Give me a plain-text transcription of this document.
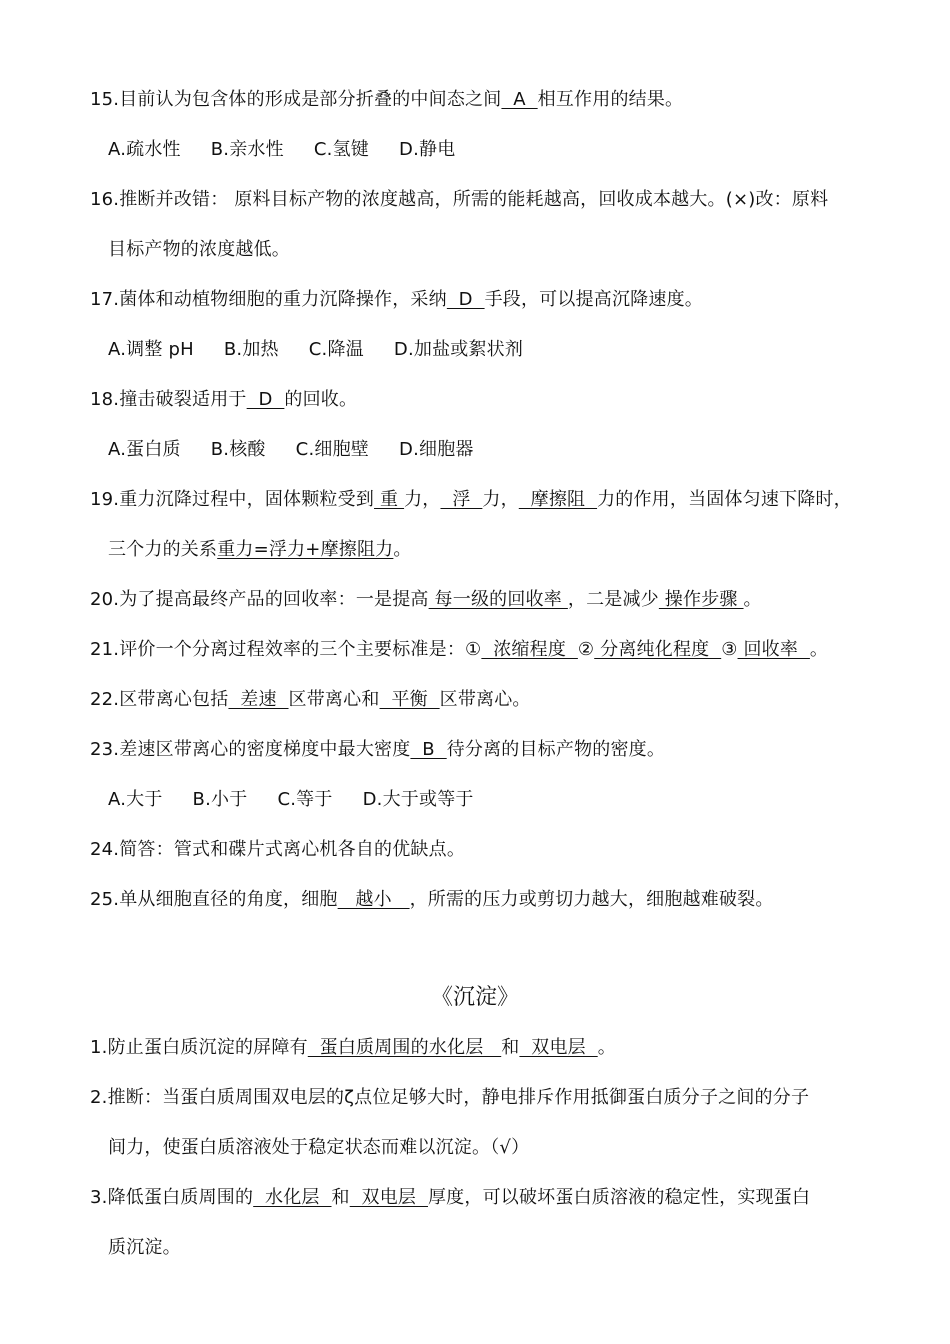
15.目前认为包含体的形成是部分折叠的中间态之间  A  相互作用的结果。
A.疏水性　  B.亲水性　  C.氢键　  D.静电
16.推断并改错： 原料目标产物的浓度越高，所需的能耗越高，回收成本越大。(×)改：原料
目标产物的浓度越低。
17.菌体和动植物细胞的重力沉降操作，采纳  D  手段，可以提高沉降速度。
A.调整 pH　  B.加热　  C.降温　  D.加盐或絮状剂
18.撞击破裂适用于  D  的回收。
A.蛋白质　  B.核酸　  C.细胞壁　  D.细胞器
19.重力沉降过程中，固体颗粒受到 重 力，  浮  力，  摩擦阻  力的作用，当固体匀速下降时，
三个力的关系重力=浮力+摩擦阻力。
20.为了提高最终产品的回收率：一是提高 每一级的回收率 ，二是减少 操作步骤 。
21.评价一个分离过程效率的三个主要标准是：①  浓缩程度  ② 分离纯化程度  ③ 回收率  。
22.区带离心包括  差速  区带离心和  平衡  区带离心。
23.差速区带离心的密度梯度中最大密度  B  待分离的目标产物的密度。
A.大于　  B.小于　  C.等于　  D.大于或等于
24.简答：管式和碟片式离心机各自的优缺点。
25.单从细胞直径的角度，细胞   越小   ，所需的压力或剪切力越大，细胞越难破裂。
《沉淀》
1.防止蛋白质沉淀的屏障有  蛋白质周围的水化层   和  双电层  。
2.推断：当蛋白质周围双电层的ζ点位足够大时，静电排斥作用抵御蛋白质分子之间的分子
间力，使蛋白质溶液处于稳定状态而难以沉淀。（√）
3.降低蛋白质周围的  水化层  和  双电层  厚度，可以破坏蛋白质溶液的稳定性，实现蛋白
质沉淀。
